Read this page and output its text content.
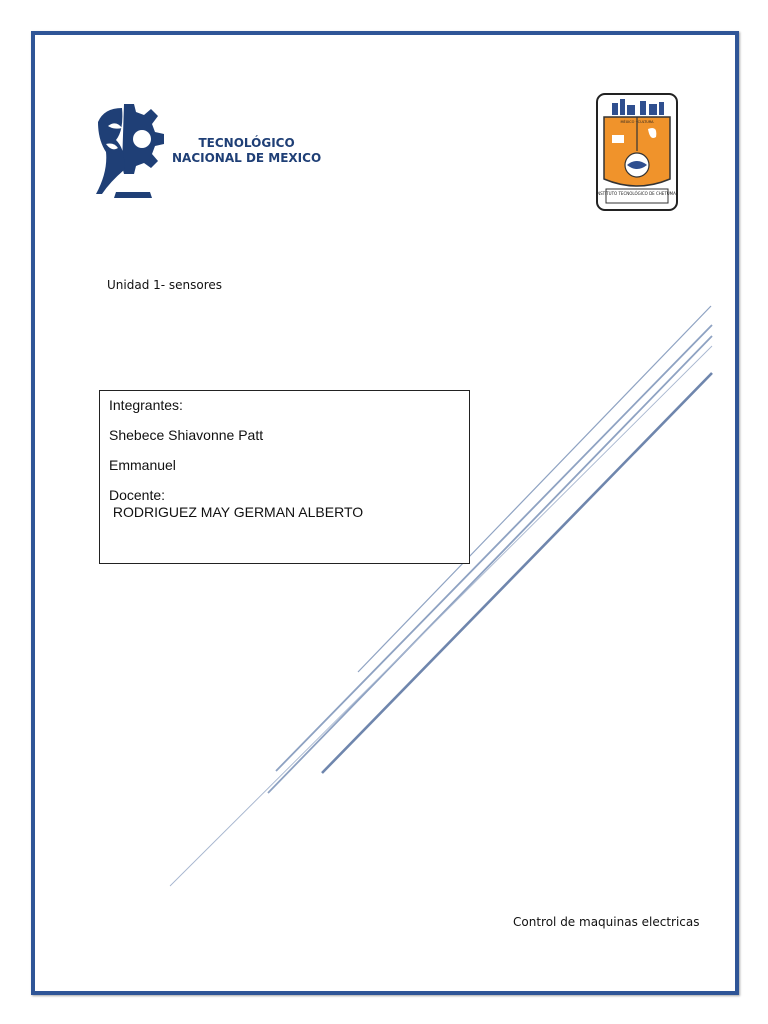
TECNOLÓGICO
NACIONAL DE MEXICO
INSTITUTO TECNOLÓGICO DE CHETUMAL
MÉXICO · CULTURA
Unidad 1- sensores
Integrantes:
Shebece Shiavonne Patt
Emmanuel
Docente:
RODRIGUEZ MAY GERMAN ALBERTO
Control de maquinas electricas
